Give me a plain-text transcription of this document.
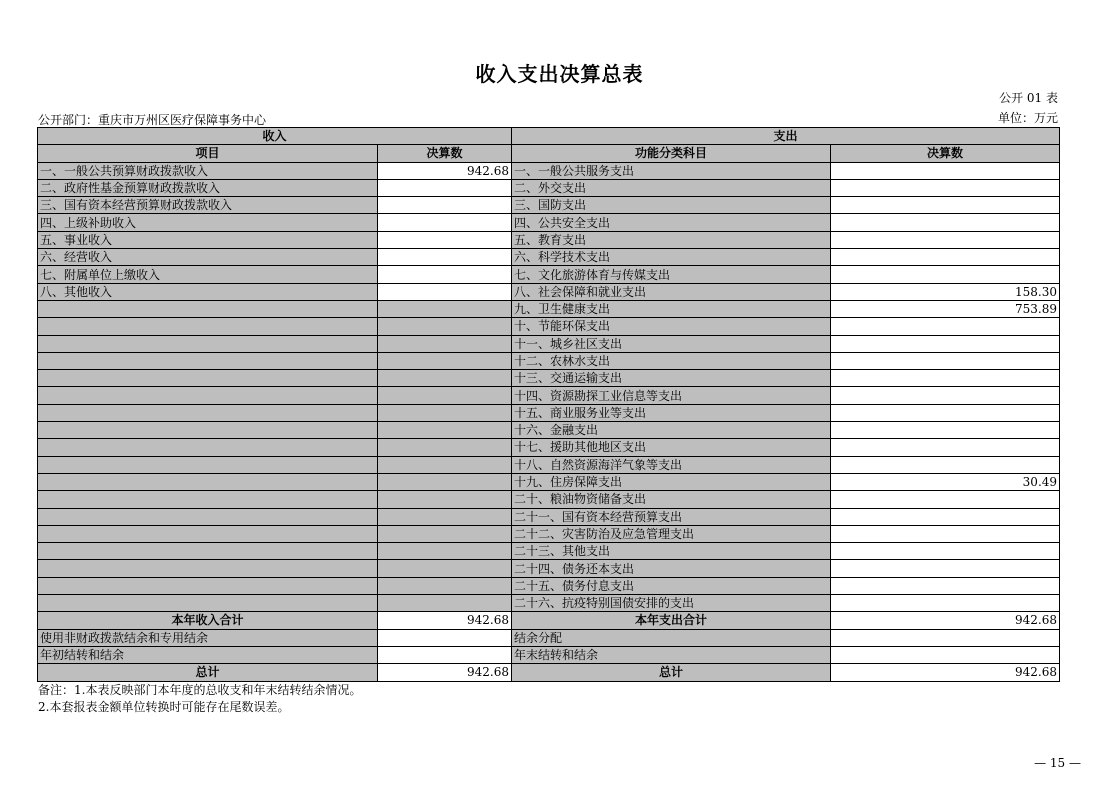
收入支出决算总表
公开 01 表
公开部门：重庆市万州区医疗保障事务中心	单位：万元
收入		支出	
项目	决算数	功能分类科目	决算数
一、一般公共预算财政拨款收入	942.68	一、一般公共服务支出	
二、政府性基金预算财政拨款收入		二、外交支出	
三、国有资本经营预算财政拨款收入		三、国防支出	
四、上级补助收入		四、公共安全支出	
五、事业收入		五、教育支出	
六、经营收入		六、科学技术支出	
七、附属单位上缴收入		七、文化旅游体育与传媒支出	
八、其他收入		八、社会保障和就业支出	158.30
		九、卫生健康支出	753.89
		十、节能环保支出	
		十一、城乡社区支出	
		十二、农林水支出	
		十三、交通运输支出	
		十四、资源勘探工业信息等支出	
		十五、商业服务业等支出	
		十六、金融支出	
		十七、援助其他地区支出	
		十八、自然资源海洋气象等支出	
		十九、住房保障支出	30.49
		二十、粮油物资储备支出	
		二十一、国有资本经营预算支出	
		二十二、灾害防治及应急管理支出	
		二十三、其他支出	
		二十四、债务还本支出	
		二十五、债务付息支出	
		二十六、抗疫特别国债安排的支出	
本年收入合计	942.68	本年支出合计	942.68
使用非财政拨款结余和专用结余		结余分配	
年初结转和结余		年末结转和结余	
总计	942.68	总计	942.68
备注：1.本表反映部门本年度的总收支和年末结转结余情况。
2.本套报表金额单位转换时可能存在尾数误差。
— 15 —
